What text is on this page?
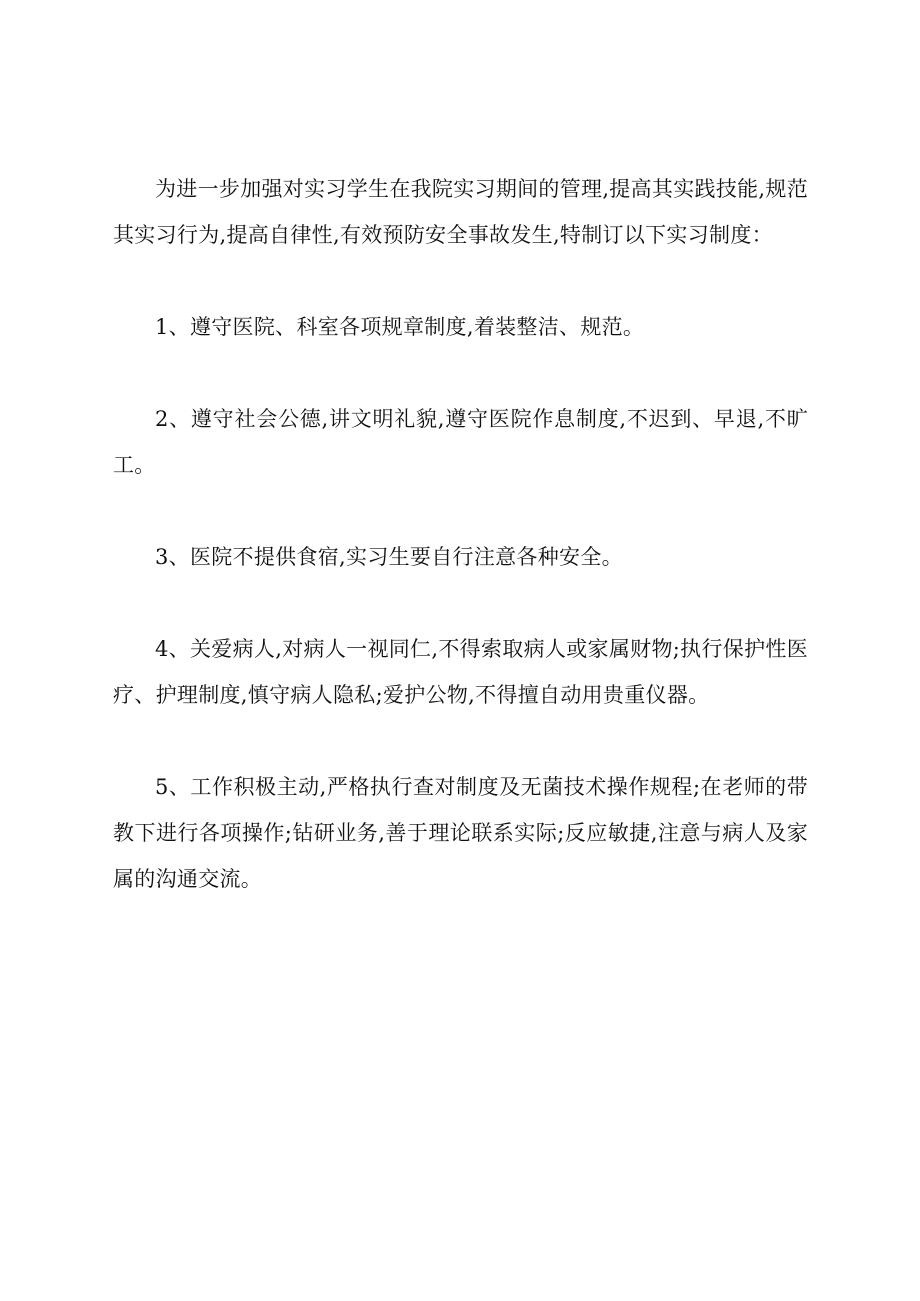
为进一步加强对实习学生在我院实习期间的管理,提高其实践技能,规范其实习行为,提高自律性,有效预防安全事故发生,特制订以下实习制度：

1、遵守医院、科室各项规章制度,着装整洁、规范。

2、遵守社会公德,讲文明礼貌,遵守医院作息制度,不迟到、早退,不旷工。

3、医院不提供食宿,实习生要自行注意各种安全。

4、关爱病人,对病人一视同仁,不得索取病人或家属财物;执行保护性医疗、护理制度,慎守病人隐私;爱护公物,不得擅自动用贵重仪器。

5、工作积极主动,严格执行查对制度及无菌技术操作规程;在老师的带教下进行各项操作;钻研业务,善于理论联系实际;反应敏捷,注意与病人及家属的沟通交流。
